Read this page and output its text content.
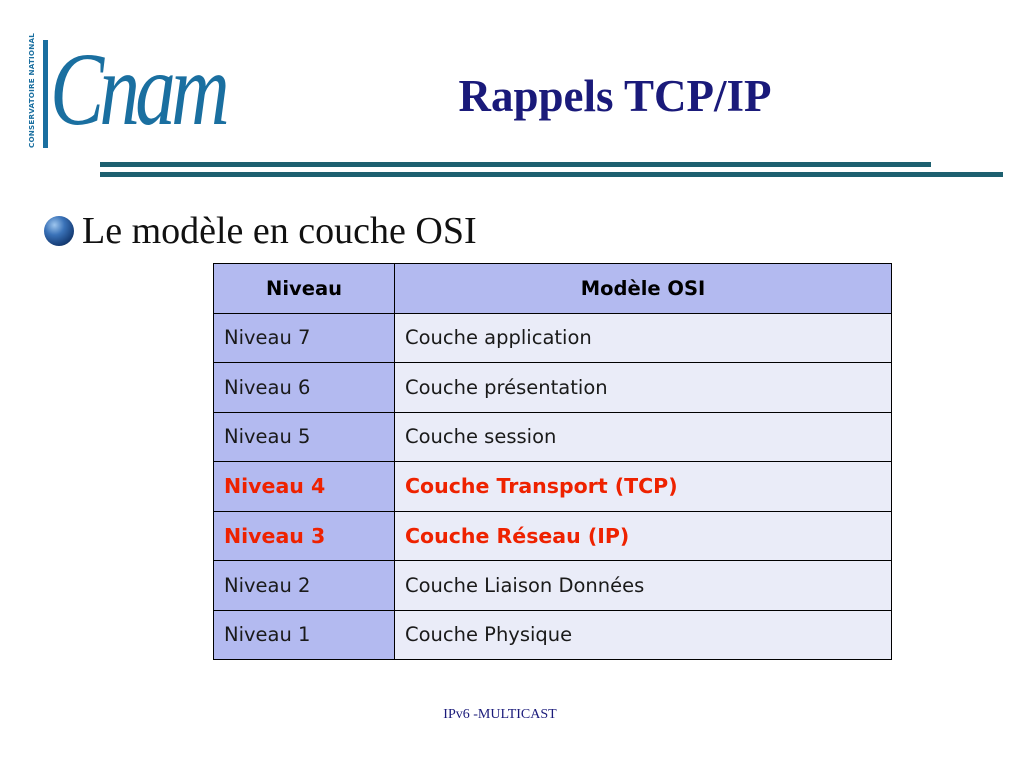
CONSERVATOIRE NATIONAL Cnam	Rappels TCP/IP
Le modèle en couche OSI
Niveau	Modèle OSI
Niveau 7	Couche application
Niveau 6	Couche présentation
Niveau 5	Couche session
Niveau 4	Couche Transport (TCP)
Niveau 3	Couche Réseau (IP)
Niveau 2	Couche Liaison Données
Niveau 1	Couche Physique
IPv6 -MULTICAST
